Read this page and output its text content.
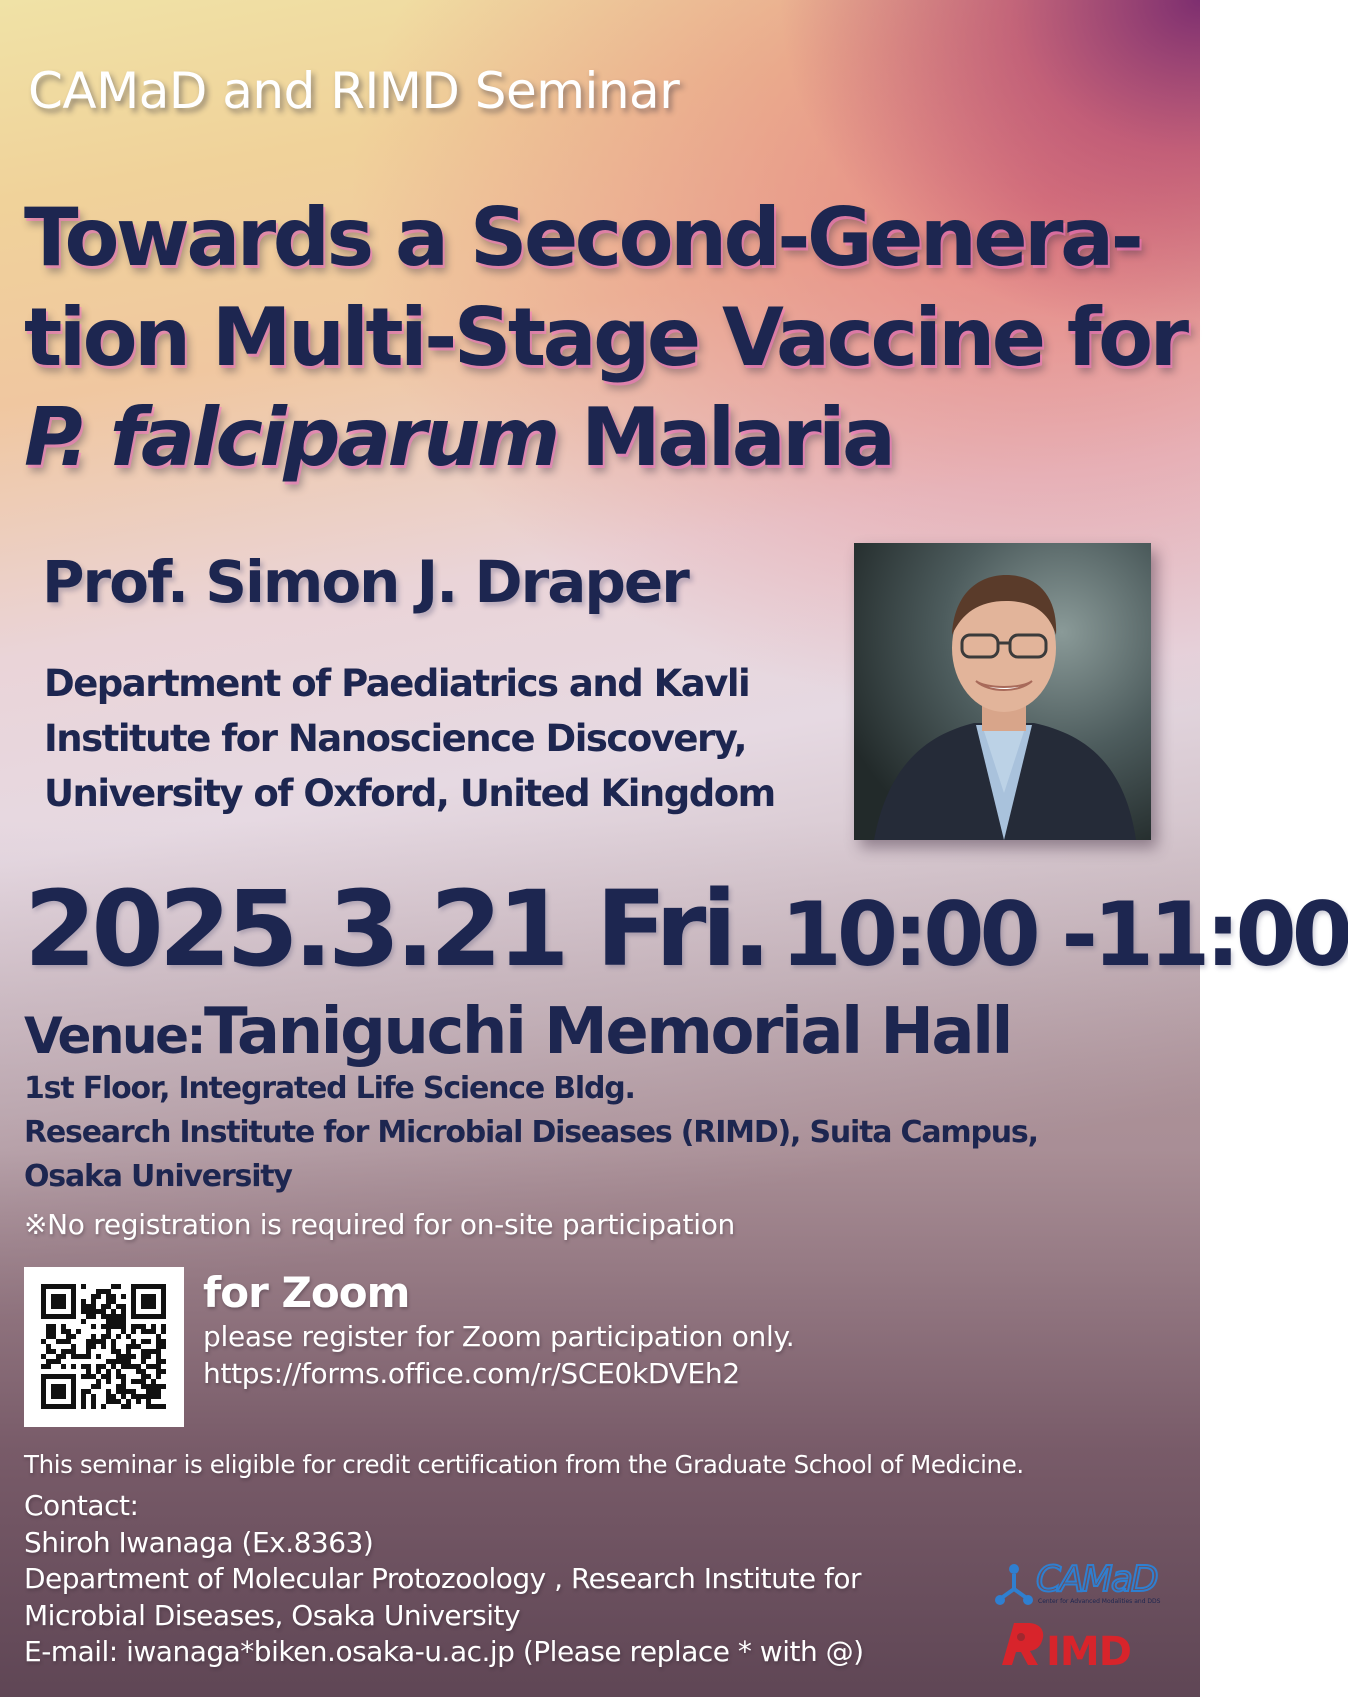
CAMaD and RIMD Seminar
Towards a Second-Genera-
tion Multi-Stage Vaccine for
P. falciparum Malaria
Prof. Simon J. Draper
Department of Paediatrics and Kavli
Institute for Nanoscience Discovery,
University of Oxford, United Kingdom
2025.3.21 Fri. 10:00 -11:00
Venue:Taniguchi Memorial Hall
1st Floor, Integrated Life Science Bldg.
Research Institute for Microbial Diseases (RIMD), Suita Campus,
Osaka University
※No registration is required for on-site participation
for Zoom
please register for Zoom participation only.
https://forms.office.com/r/SCE0kDVEh2
This seminar is eligible for credit certification from the Graduate School of Medicine.
Contact:
Shiroh Iwanaga (Ex.8363)
Department of Molecular Protozoology , Research Institute for
Microbial Diseases, Osaka University
E-mail: iwanaga*biken.osaka-u.ac.jp (Please replace * with @)
CAMaD
Center for Advanced Modalities and DDS
IMD
